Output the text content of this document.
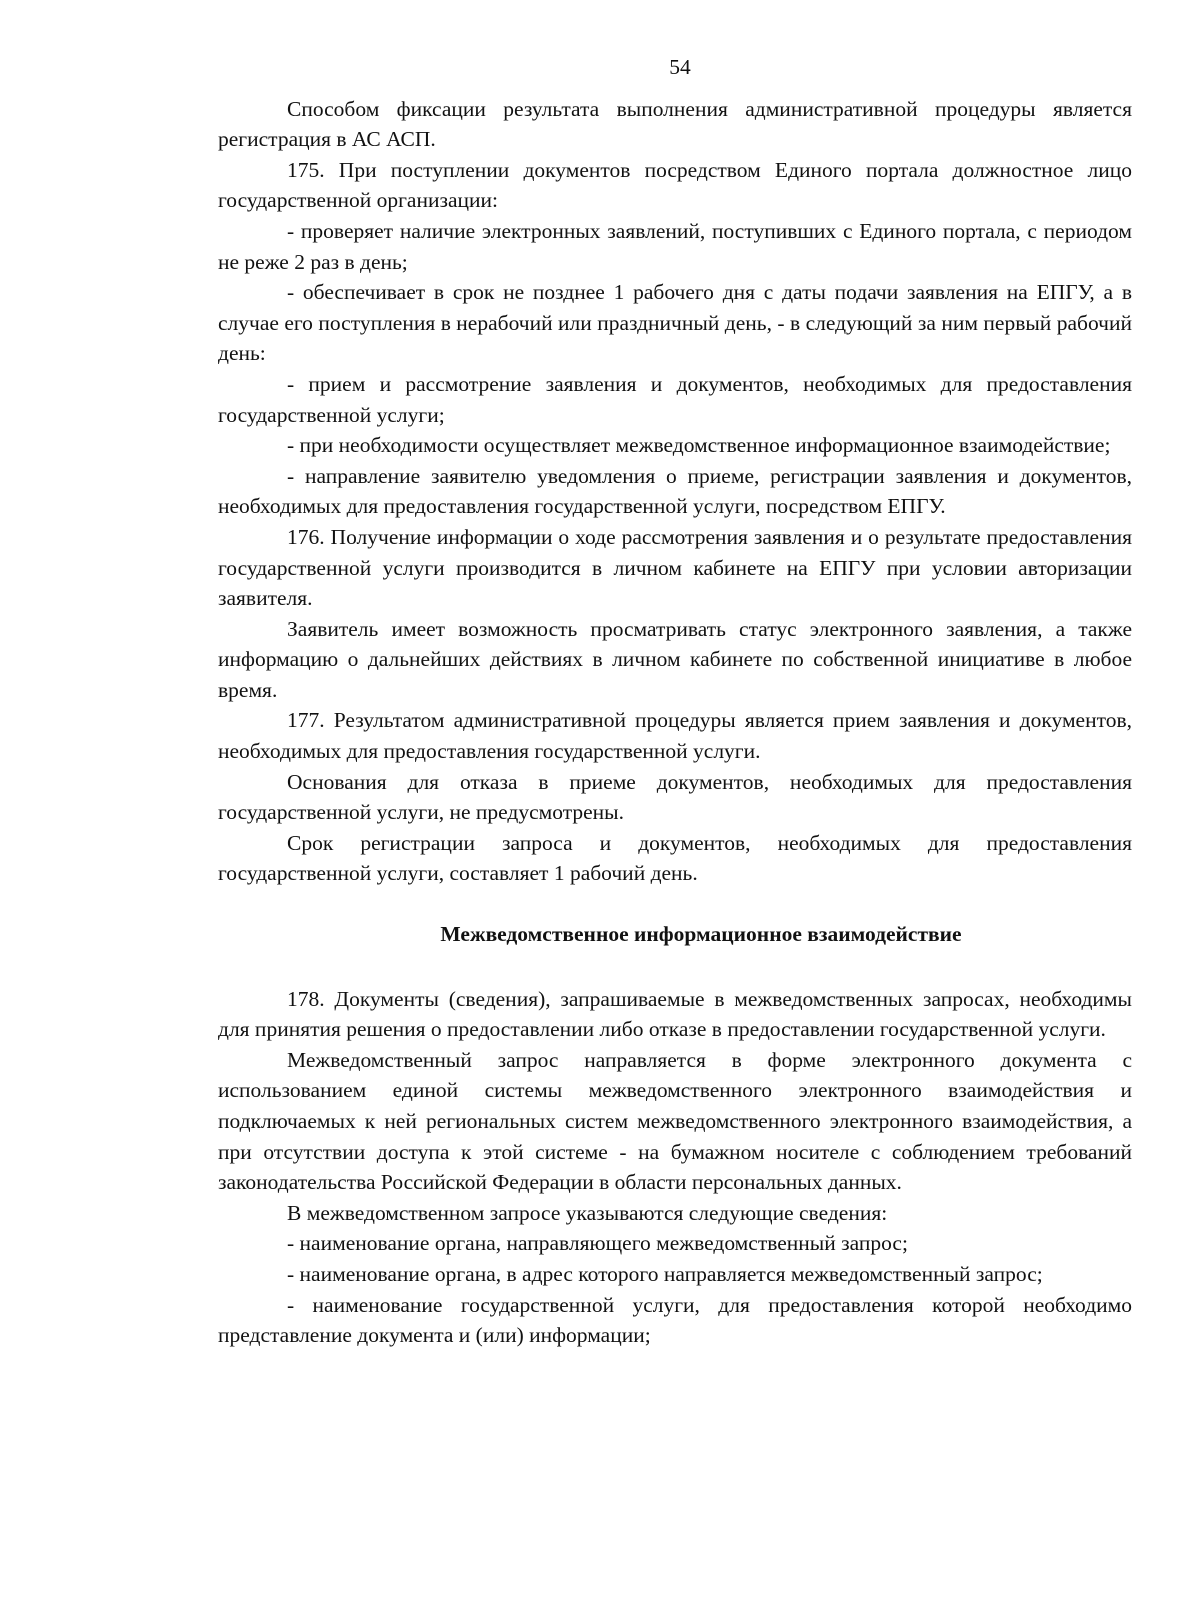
54

Способом фиксации результата выполнения административной процедуры является регистрация в АС АСП.

175. При поступлении документов посредством Единого портала должностное лицо государственной организации:

- проверяет наличие электронных заявлений, поступивших с Единого портала, с периодом не реже 2 раз в день;

- обеспечивает в срок не позднее 1 рабочего дня с даты подачи заявления на ЕПГУ, а в случае его поступления в нерабочий или праздничный день, - в следующий за ним первый рабочий день:

- прием и рассмотрение заявления и документов, необходимых для предоставления государственной услуги;

- при необходимости осуществляет межведомственное информационное взаимодействие;

- направление заявителю уведомления о приеме, регистрации заявления и документов, необходимых для предоставления государственной услуги, посредством ЕПГУ.

176. Получение информации о ходе рассмотрения заявления и о результате предоставления государственной услуги производится в личном кабинете на ЕПГУ при условии авторизации заявителя.

Заявитель имеет возможность просматривать статус электронного заявления, а также информацию о дальнейших действиях в личном кабинете по собственной инициативе в любое время.

177. Результатом административной процедуры является прием заявления и документов, необходимых для предоставления государственной услуги.

Основания для отказа в приеме документов, необходимых для предоставления государственной услуги, не предусмотрены.

Срок регистрации запроса и документов, необходимых для предоставления государственной услуги, составляет 1 рабочий день.

Межведомственное информационное взаимодействие

178. Документы (сведения), запрашиваемые в межведомственных запросах, необходимы для принятия решения о предоставлении либо отказе в предоставлении государственной услуги.

Межведомственный запрос направляется в форме электронного документа с использованием единой системы межведомственного электронного взаимодействия и подключаемых к ней региональных систем межведомственного электронного взаимодействия, а при отсутствии доступа к этой системе - на бумажном носителе с соблюдением требований законодательства Российской Федерации в области персональных данных.

В межведомственном запросе указываются следующие сведения:

- наименование органа, направляющего межведомственный запрос;

- наименование органа, в адрес которого направляется межведомственный запрос;

- наименование государственной услуги, для предоставления которой необходимо представление документа и (или) информации;
